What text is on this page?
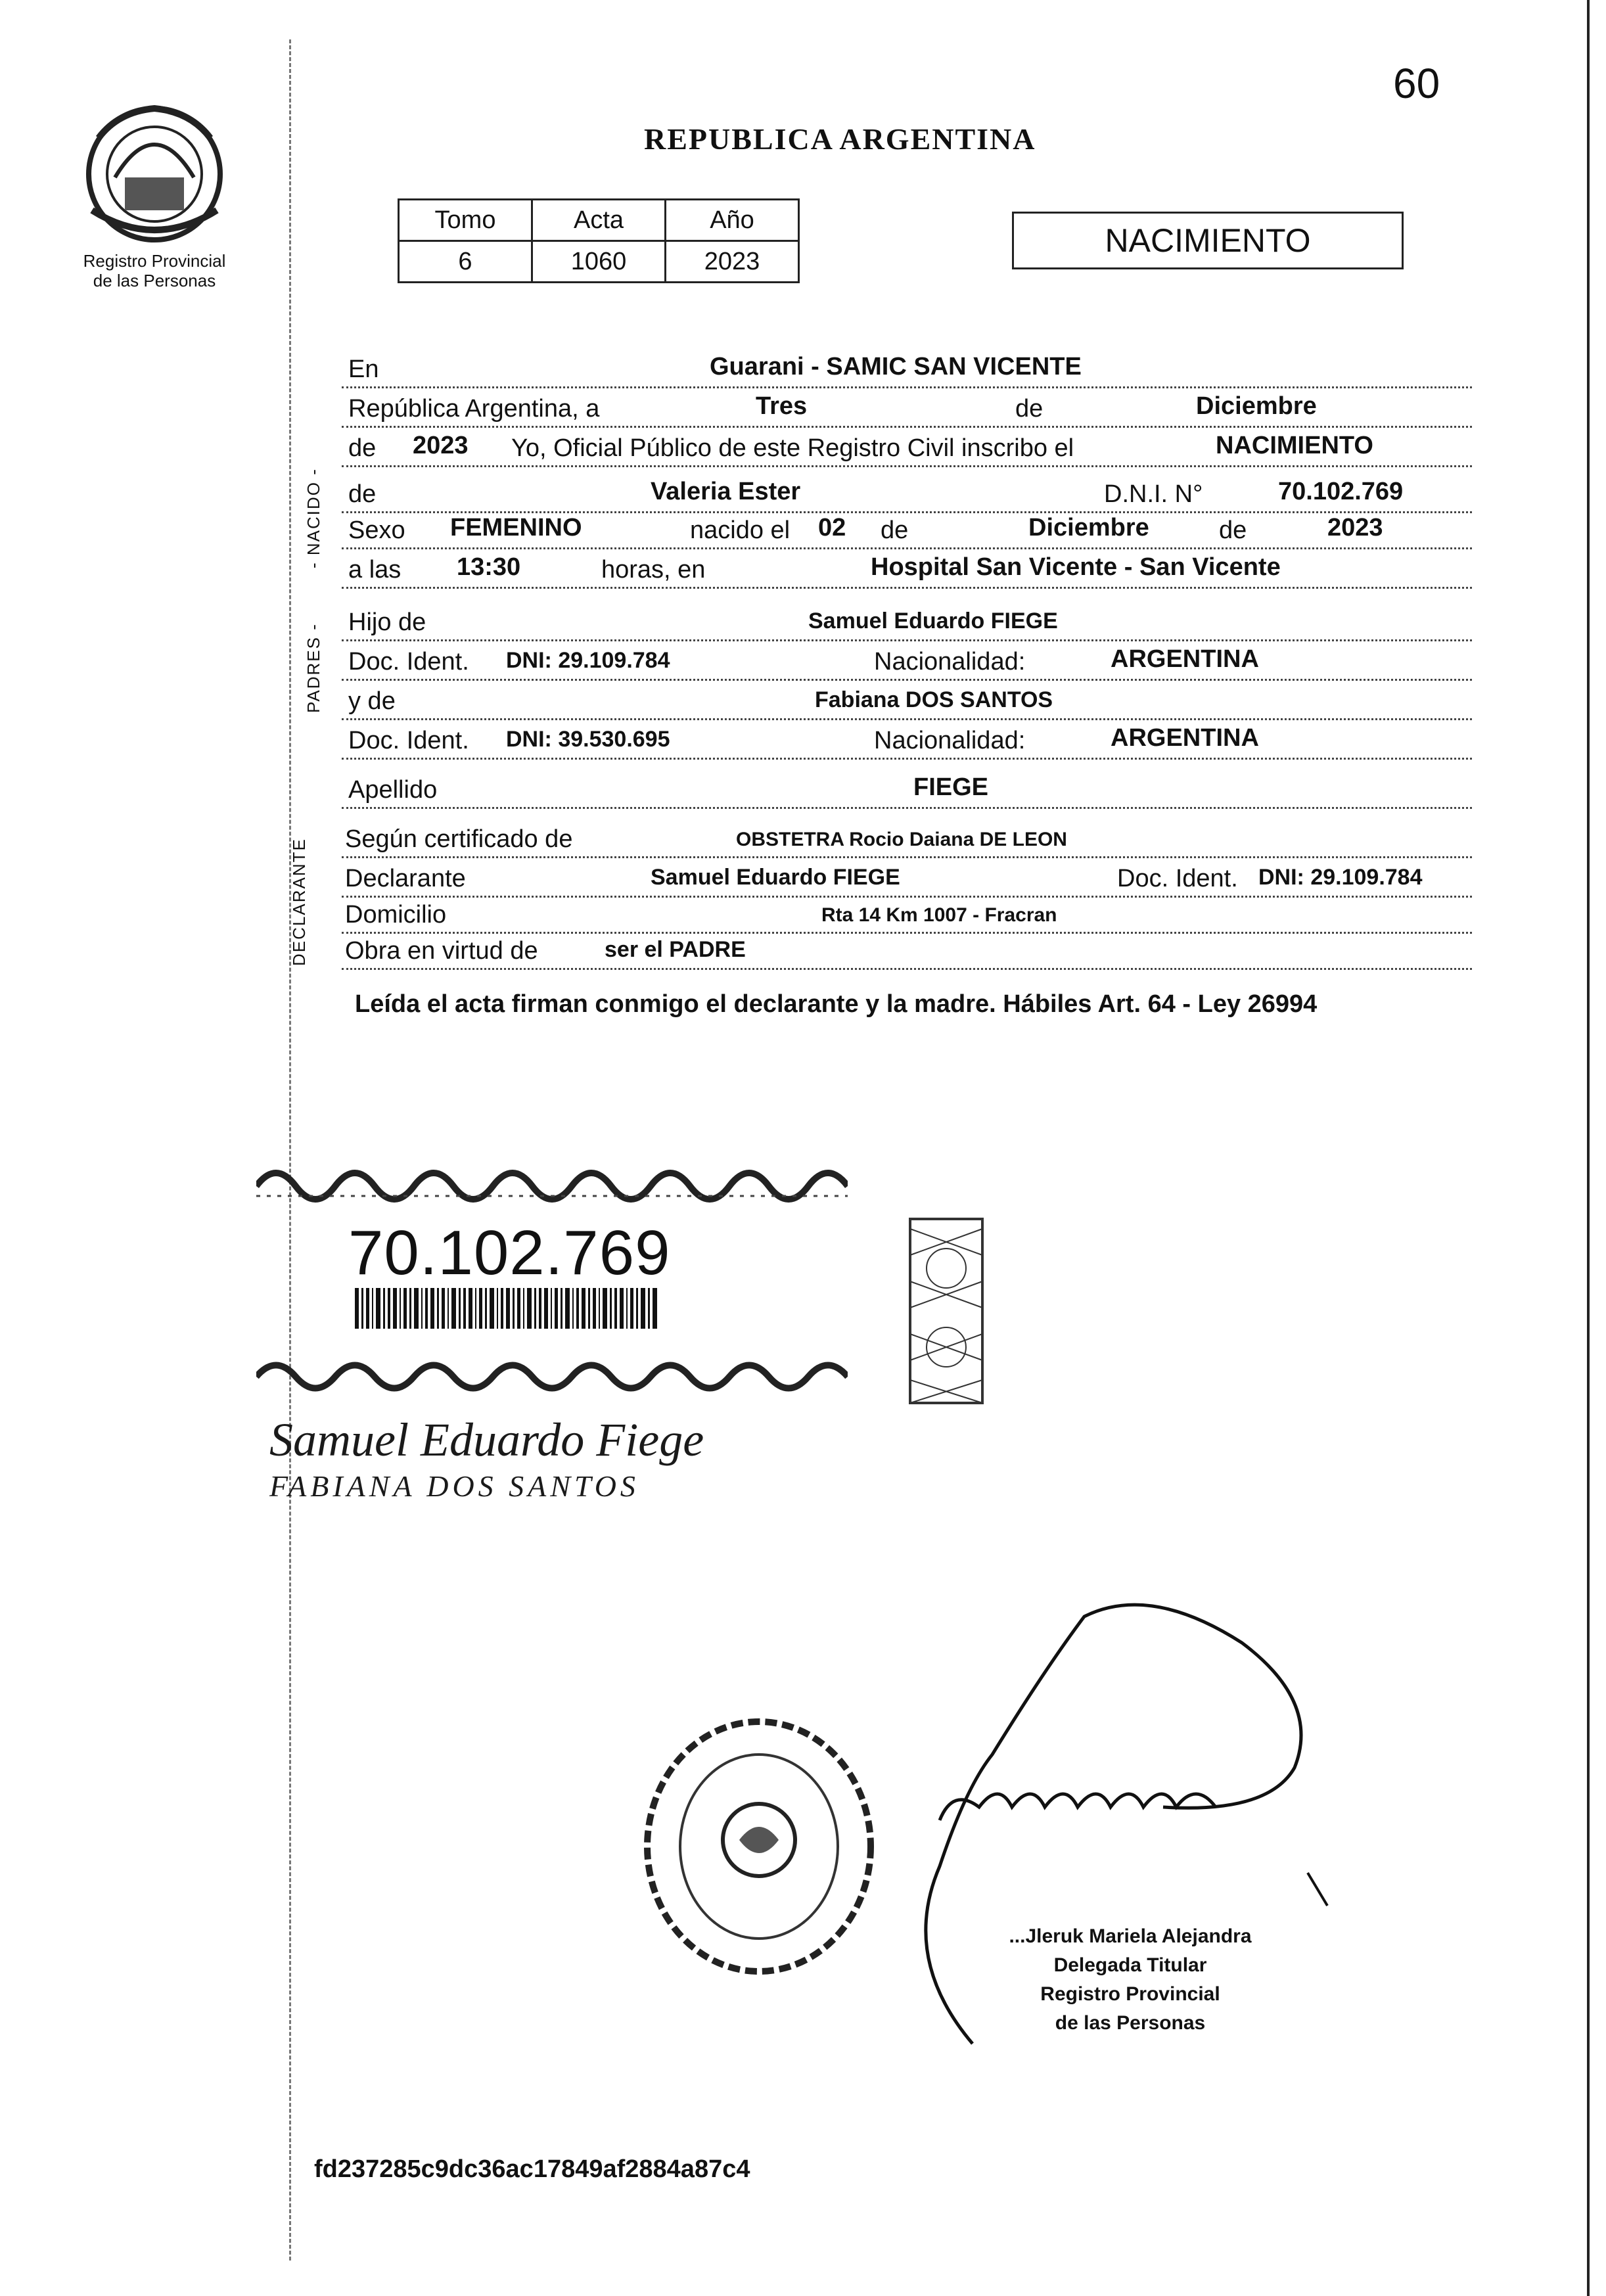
Registro Provincial
de las Personas
60
REPUBLICA ARGENTINA
Tomo	Acta	Año
6	1060	2023
NACIMIENTO
- NACIDO -
PADRES -
DECLARANTE
En	Guarani - SAMIC SAN VICENTE
República Argentina, a	Tres	de	Diciembre
de 2023 Yo, Oficial Público de este Registro Civil inscribo el	NACIMIENTO
de	Valeria Ester	D.N.I. N°	70.102.769
Sexo FEMENINO	nacido el 02 de	Diciembre	de	2023
a las 13:30	horas, en	Hospital San Vicente - San Vicente
Hijo de	Samuel Eduardo FIEGE
Doc. Ident. DNI: 29.109.784	Nacionalidad:	ARGENTINA
y de	Fabiana DOS SANTOS
Doc. Ident. DNI: 39.530.695	Nacionalidad:	ARGENTINA
Apellido	FIEGE
Según certificado de	OBSTETRA Rocio Daiana DE LEON
Declarante	Samuel Eduardo FIEGE	Doc. Ident. DNI: 29.109.784
Domicilio	Rta 14 Km 1007 - Fracran
Obra en virtud de	ser el PADRE
Leída el acta firman conmigo el declarante y la madre. Hábiles Art. 64 - Ley 26994
70.102.769
Samuel Eduardo Fiege
FABIANA DOS SANTOS
...Jleruk Mariela Alejandra
Delegada Titular
Registro Provincial
de las Personas
fd237285c9dc36ac17849af2884a87c4
